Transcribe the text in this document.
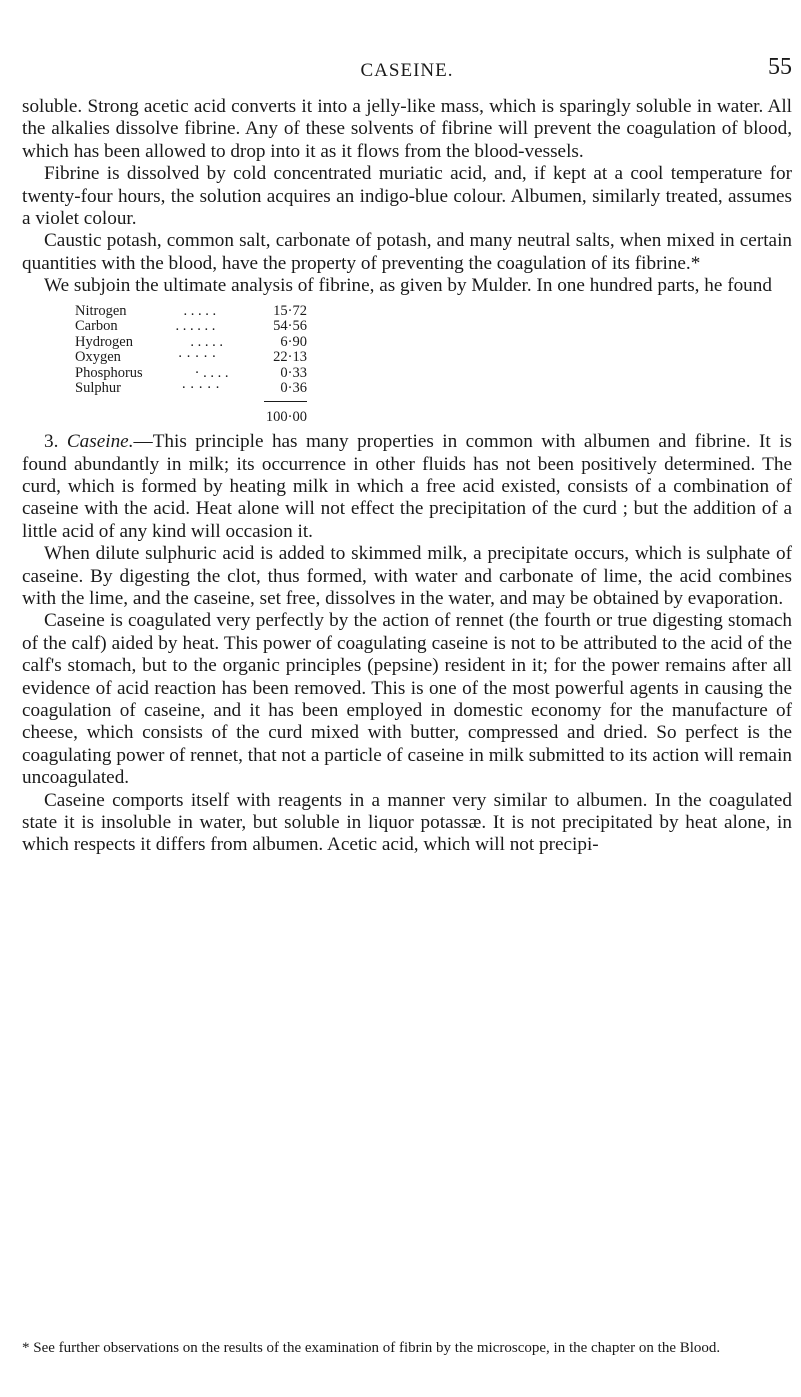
CASEINE.	55

soluble. Strong acetic acid converts it into a jelly-like mass, which is sparingly soluble in water. All the alkalies dissolve fibrine. Any of these solvents of fibrine will prevent the coagulation of blood, which has been allowed to drop into it as it flows from the blood-vessels.

Fibrine is dissolved by cold concentrated muriatic acid, and, if kept at a cool temperature for twenty-four hours, the solution acquires an indigo-blue colour. Albumen, similarly treated, assumes a violet colour.

Caustic potash, common salt, carbonate of potash, and many neutral salts, when mixed in certain quantities with the blood, have the property of preventing the coagulation of its fibrine.*

We subjoin the ultimate analysis of fibrine, as given by Mulder. In one hundred parts, he found

Nitrogen	. . . . .	15·72
Carbon	. . . . . .	54·56
Hydrogen	. . . . .	6·90
Oxygen	· · · · ·	22·13
Phosphorus	· . . . .	0·33
Sulphur	· · · · ·	0·36
100·00

3. Caseine.—This principle has many properties in common with albumen and fibrine. It is found abundantly in milk; its occurrence in other fluids has not been positively determined. The curd, which is formed by heating milk in which a free acid existed, consists of a combination of caseine with the acid. Heat alone will not effect the precipitation of the curd ; but the addition of a little acid of any kind will occasion it.

When dilute sulphuric acid is added to skimmed milk, a precipitate occurs, which is sulphate of caseine. By digesting the clot, thus formed, with water and carbonate of lime, the acid combines with the lime, and the caseine, set free, dissolves in the water, and may be obtained by evaporation.

Caseine is coagulated very perfectly by the action of rennet (the fourth or true digesting stomach of the calf) aided by heat. This power of coagulating caseine is not to be attributed to the acid of the calf's stomach, but to the organic principles (pepsine) resident in it; for the power remains after all evidence of acid reaction has been removed. This is one of the most powerful agents in causing the coagulation of caseine, and it has been employed in domestic economy for the manufacture of cheese, which consists of the curd mixed with butter, compressed and dried. So perfect is the coagulating power of rennet, that not a particle of caseine in milk submitted to its action will remain uncoagulated.

Caseine comports itself with reagents in a manner very similar to albumen. In the coagulated state it is insoluble in water, but soluble in liquor potassæ. It is not precipitated by heat alone, in which respects it differs from albumen. Acetic acid, which will not precipi-

* See further observations on the results of the examination of fibrin by the microscope, in the chapter on the Blood.
